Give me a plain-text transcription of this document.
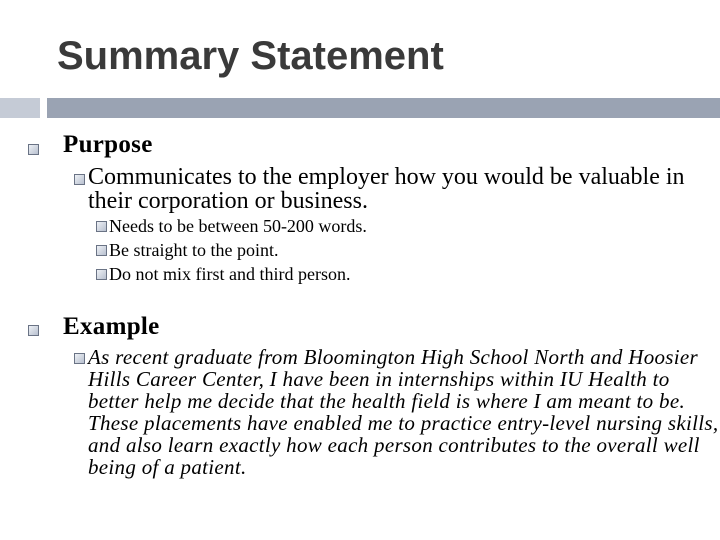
Summary Statement
Purpose
Communicates to the employer how you would be valuable in their corporation or business.
Needs to be between 50-200 words.
Be straight to the point.
Do not mix first and third person.
Example
As recent graduate from Bloomington High School North and Hoosier Hills Career Center, I have been in internships within IU Health to better help me decide that the health field is where I am meant to be. These placements have enabled me to practice entry-level nursing skills, and also learn exactly how each person contributes to the overall well being of a patient.
